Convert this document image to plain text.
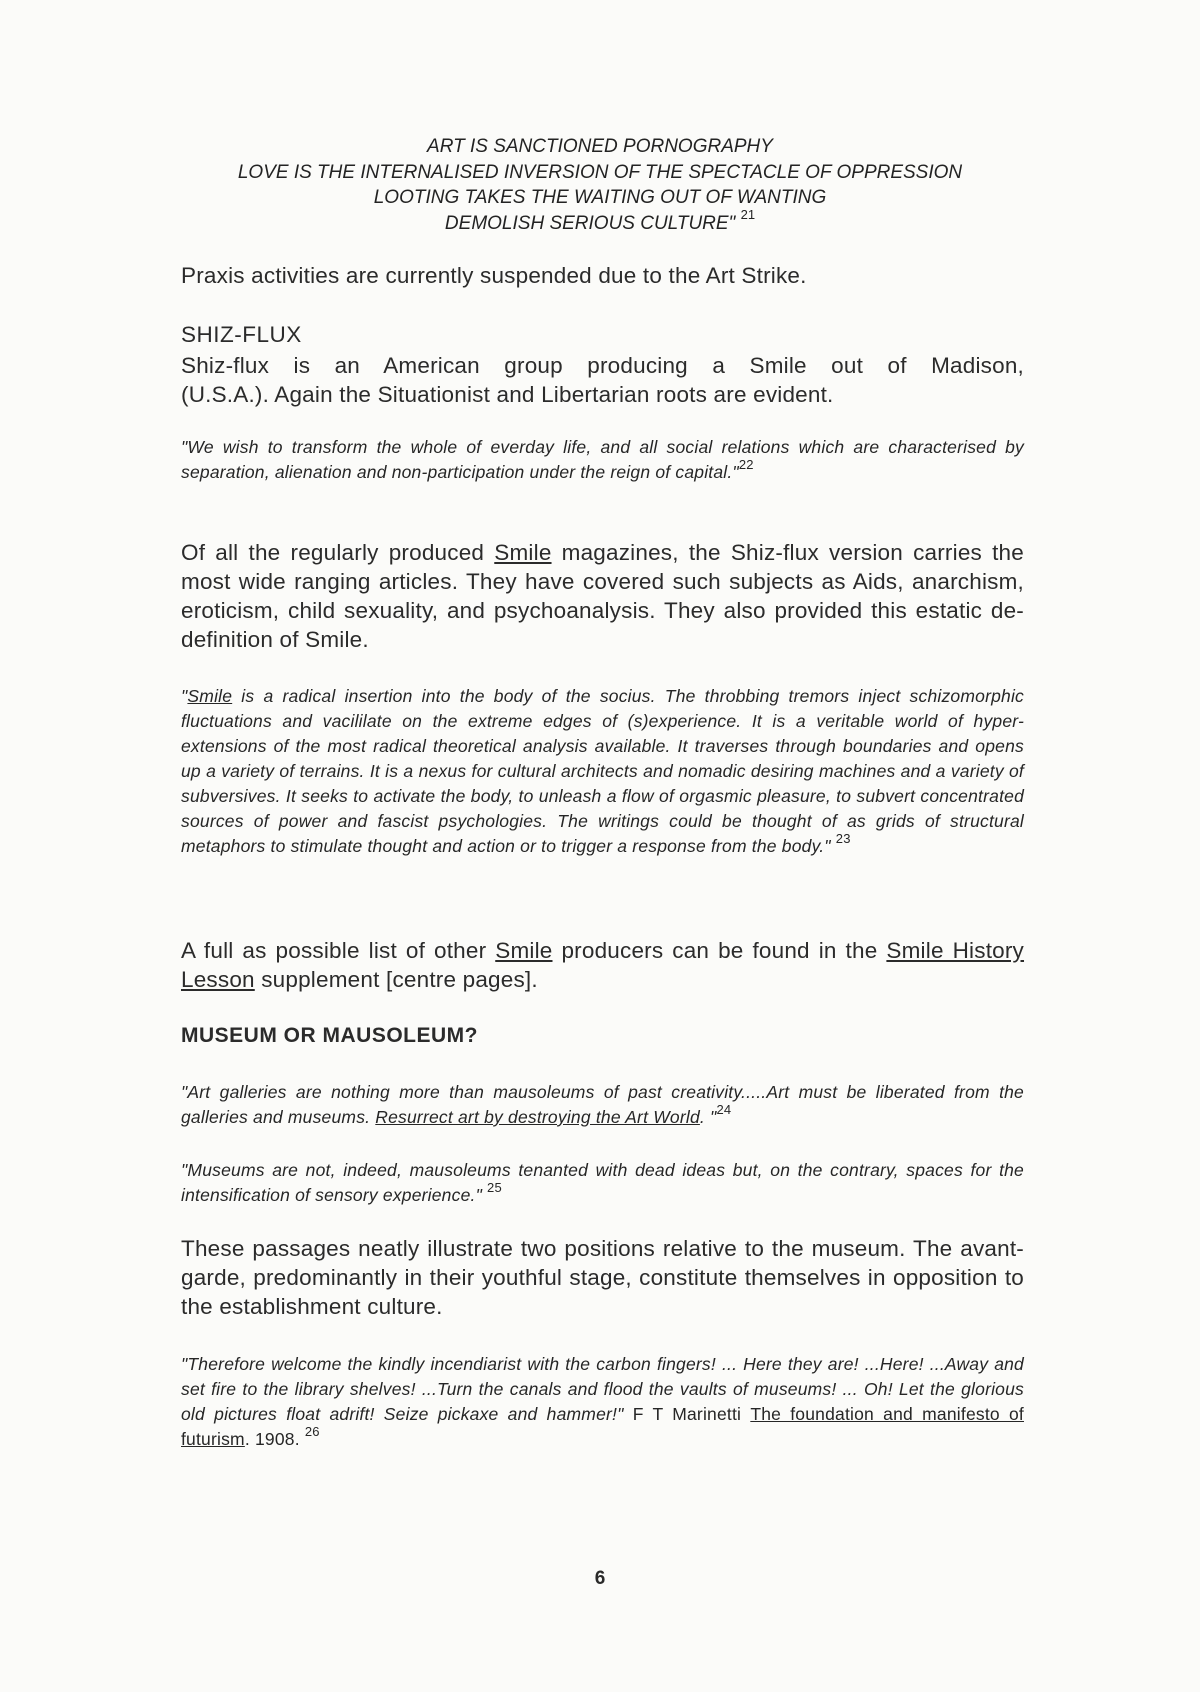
ART IS SANCTIONED PORNOGRAPHY
LOVE IS THE INTERNALISED INVERSION OF THE SPECTACLE OF OPPRESSION
LOOTING TAKES THE WAITING OUT OF WANTING
DEMOLISH SERIOUS CULTURE" $^{21}$
Praxis activities are currently suspended due to the Art Strike.
SHIZ-FLUX
Shiz-flux is an American group producing a Smile out of Madison,
(U.S.A.). Again the Situationist and Libertarian roots are evident.
"We wish to transform the whole of everday life, and all social relations which are characterised by separation, alienation and non-participation under the reign of capital."$^{22}$
Of all the regularly produced Smile magazines, the Shiz-flux version carries the most wide ranging articles. They have covered such subjects as Aids, anarchism, eroticism, child sexuality, and psychoanalysis. They also provided this estatic de-definition of Smile.
"Smile is a radical insertion into the body of the socius. The throbbing tremors inject schizomorphic fluctuations and vacililate on the extreme edges of (s)experience. It is a veritable world of hyper-extensions of the most radical theoretical analysis available. It traverses through boundaries and opens up a variety of terrains. It is a nexus for cultural architects and nomadic desiring machines and a variety of subversives. It seeks to activate the body, to unleash a flow of orgasmic pleasure, to subvert concentrated sources of power and fascist psychologies. The writings could be thought of as grids of structural metaphors to stimulate thought and action or to trigger a response from the body." $^{23}$
A full as possible list of other Smile producers can be found in the Smile History Lesson supplement [centre pages].
MUSEUM OR MAUSOLEUM?
"Art galleries are nothing more than mausoleums of past creativity.....Art must be liberated from the galleries and museums. Resurrect art by destroying the Art World. "$^{24}$
"Museums are not, indeed, mausoleums tenanted with dead ideas but, on the contrary, spaces for the intensification of sensory experience." $^{25}$
These passages neatly illustrate two positions relative to the museum. The avant-garde, predominantly in their youthful stage, constitute themselves in opposition to the establishment culture.
"Therefore welcome the kindly incendiarist with the carbon fingers! ... Here they are! ...Here! ...Away and set fire to the library shelves! ...Turn the canals and flood the vaults of museums! ... Oh! Let the glorious old pictures float adrift! Seize pickaxe and hammer!" F T Marinetti The foundation and manifesto of futurism. 1908. $^{26}$
6
